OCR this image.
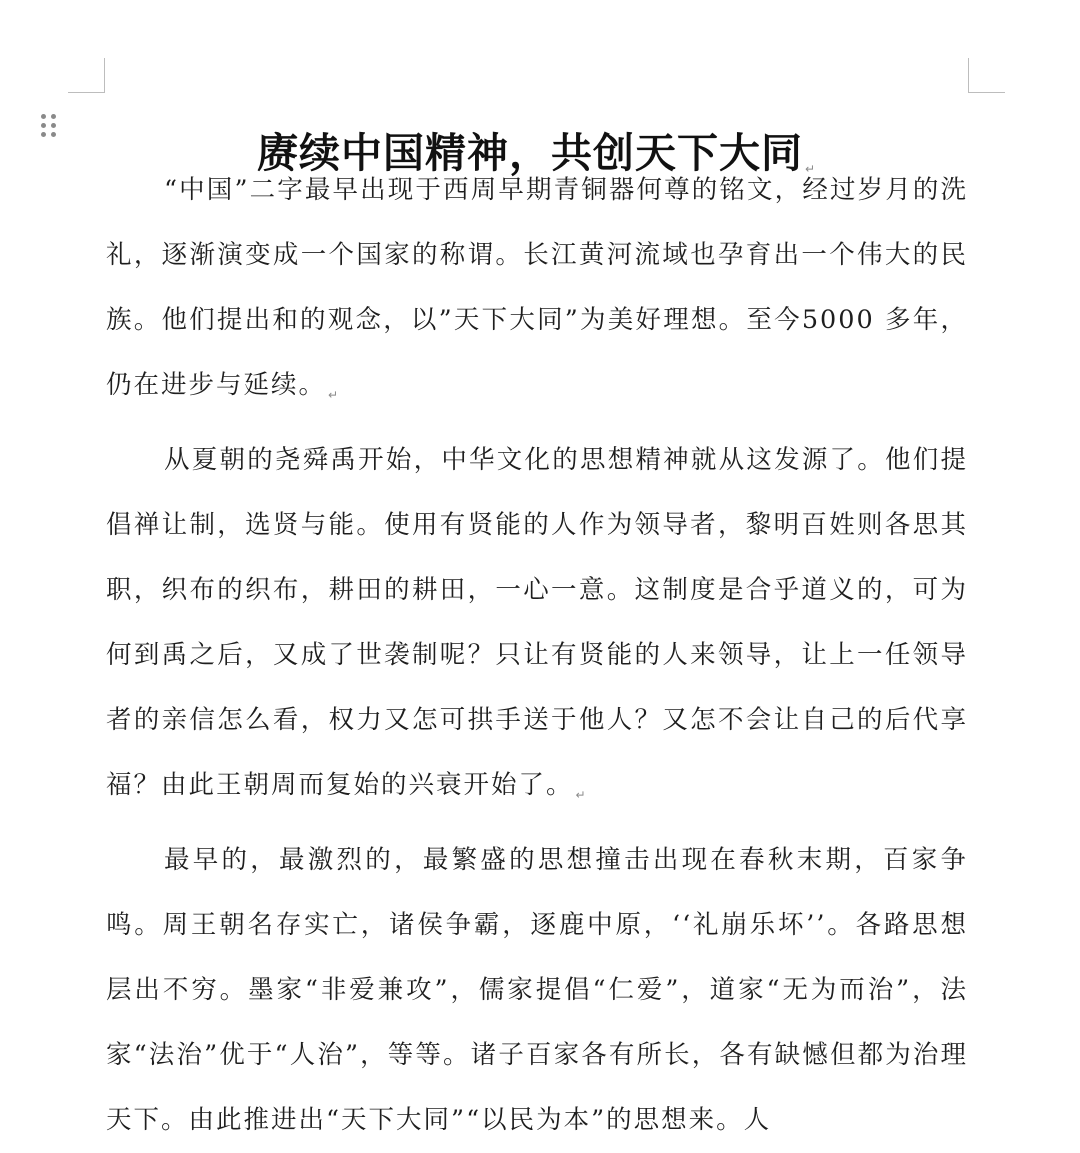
赓续中国精神，共创天下大同 ↵

“中国”二字最早出现于西周早期青铜器何尊的铭文，经过岁月的洗礼，逐渐演变成一个国家的称谓。长江黄河流域也孕育出一个伟大的民族。他们提出和的观念，以”天下大同”为美好理想。至今5000 多年，仍在进步与延续。 $_↵$

从夏朝的尧舜禹开始，中华文化的思想精神就从这发源了。他们提倡禅让制，选贤与能。使用有贤能的人作为领导者，黎明百姓则各思其职，织布的织布，耕田的耕田，一心一意。这制度是合乎道义的，可为何到禹之后，又成了世袭制呢？只让有贤能的人来领导，让上一任领导者的亲信怎么看，权力又怎可拱手送于他人？又怎不会让自己的后代享福？由此王朝周而复始的兴衰开始了。 $_↵$

最早的，最激烈的，最繁盛的思想撞击出现在春秋末期，百家争鸣。周王朝名存实亡，诸侯争霸，逐鹿中原，‘‘礼崩乐坏’’。各路思想层出不穷。墨家“非爱兼攻”，儒家提倡“仁爱”，道家“无为而治”，法家“法治”优于“人治”，等等。诸子百家各有所长，各有缺憾但都为治理天下。由此推进出“天下大同”“以民为本”的思想来。人
